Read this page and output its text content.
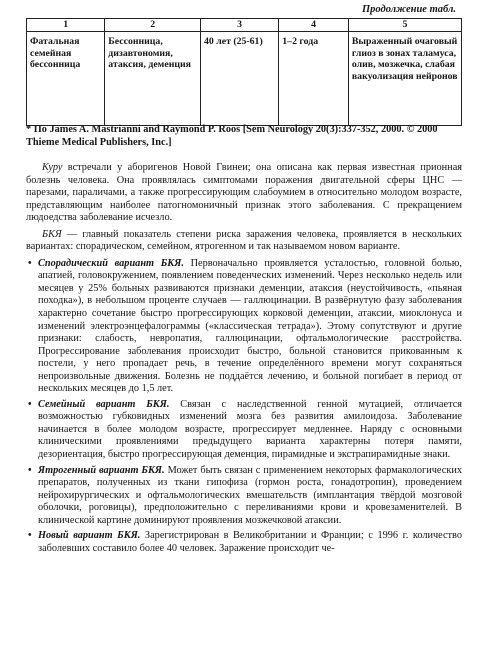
Продолжение табл.
1	2	3	4	5
Фатальная семейная бессонница	Бессонница, дизавтономия, атаксия, деменция	40 лет (25-61)	1–2 года	Выраженный очаговый глиоз в зонах таламуса, олив, мозжечка, слабая вакуолизация нейронов
* По James A. Mastrianni and Raymond P. Roos [Sem Neurology 20(3):337-352, 2000. © 2000 Thieme Medical Publishers, Inc.]

Куру встречали у аборигенов Новой Гвинеи; она описана как первая известная прионная болезнь человека. Она проявлялась симптомами поражения двигательной сферы ЦНС — парезами, параличами, а также прогрессирующим слабоумием в относительно молодом возрасте, представляющим наиболее патогномоничный признак этого заболевания. С прекращением людоедства заболевание исчезло.

БКЯ — главный показатель степени риска заражения человека, проявляется в нескольких вариантах: спорадическом, семейном, ятрогенном и так называемом новом варианте.

• Спорадический вариант БКЯ. Первоначально проявляется усталостью, головной болью, апатией, головокружением, появлением поведенческих изменений. Через несколько недель или месяцев у 25% больных развиваются признаки деменции, атаксия (неустойчивость, «пьяная походка»), в небольшом проценте случаев — галлюцинации. В развёрнутую фазу заболевания характерно сочетание быстро прогрессирующих корковой деменции, атаксии, миоклонуса и изменений электроэнцефалограммы («классическая тетрада»). Этому сопутствуют и другие признаки: слабость, невропатия, галлюцинации, офтальмологические расстройства. Прогрессирование заболевания происходит быстро, больной становится прикованным к постели, у него пропадает речь, в течение определённого времени могут сохраняться непроизвольные движения. Болезнь не поддаётся лечению, и больной погибает в период от нескольких месяцев до 1,5 лет.

• Семейный вариант БКЯ. Связан с наследственной генной мутацией, отличается возможностью губковидных изменений мозга без развития амилоидоза. Заболевание начинается в более молодом возрасте, прогрессирует медленнее. Наряду с основными клиническими проявлениями предыдущего варианта характерны потеря памяти, дезориентация, быстро прогрессирующая деменция, пирамидные и экстрапирамидные знаки.

• Ятрогенный вариант БКЯ. Может быть связан с применением некоторых фармакологических препаратов, полученных из ткани гипофиза (гормон роста, гонадотропин), проведением нейрохирургических и офтальмологических вмешательств (имплантация твёрдой мозговой оболочки, роговицы), предположительно с переливаниями крови и кровезаменителей. В клинической картине доминируют проявления мозжечковой атаксии.

• Новый вариант БКЯ. Зарегистрирован в Великобритании и Франции; с 1996 г. количество заболевших составило более 40 человек. Заражение происходит че-
